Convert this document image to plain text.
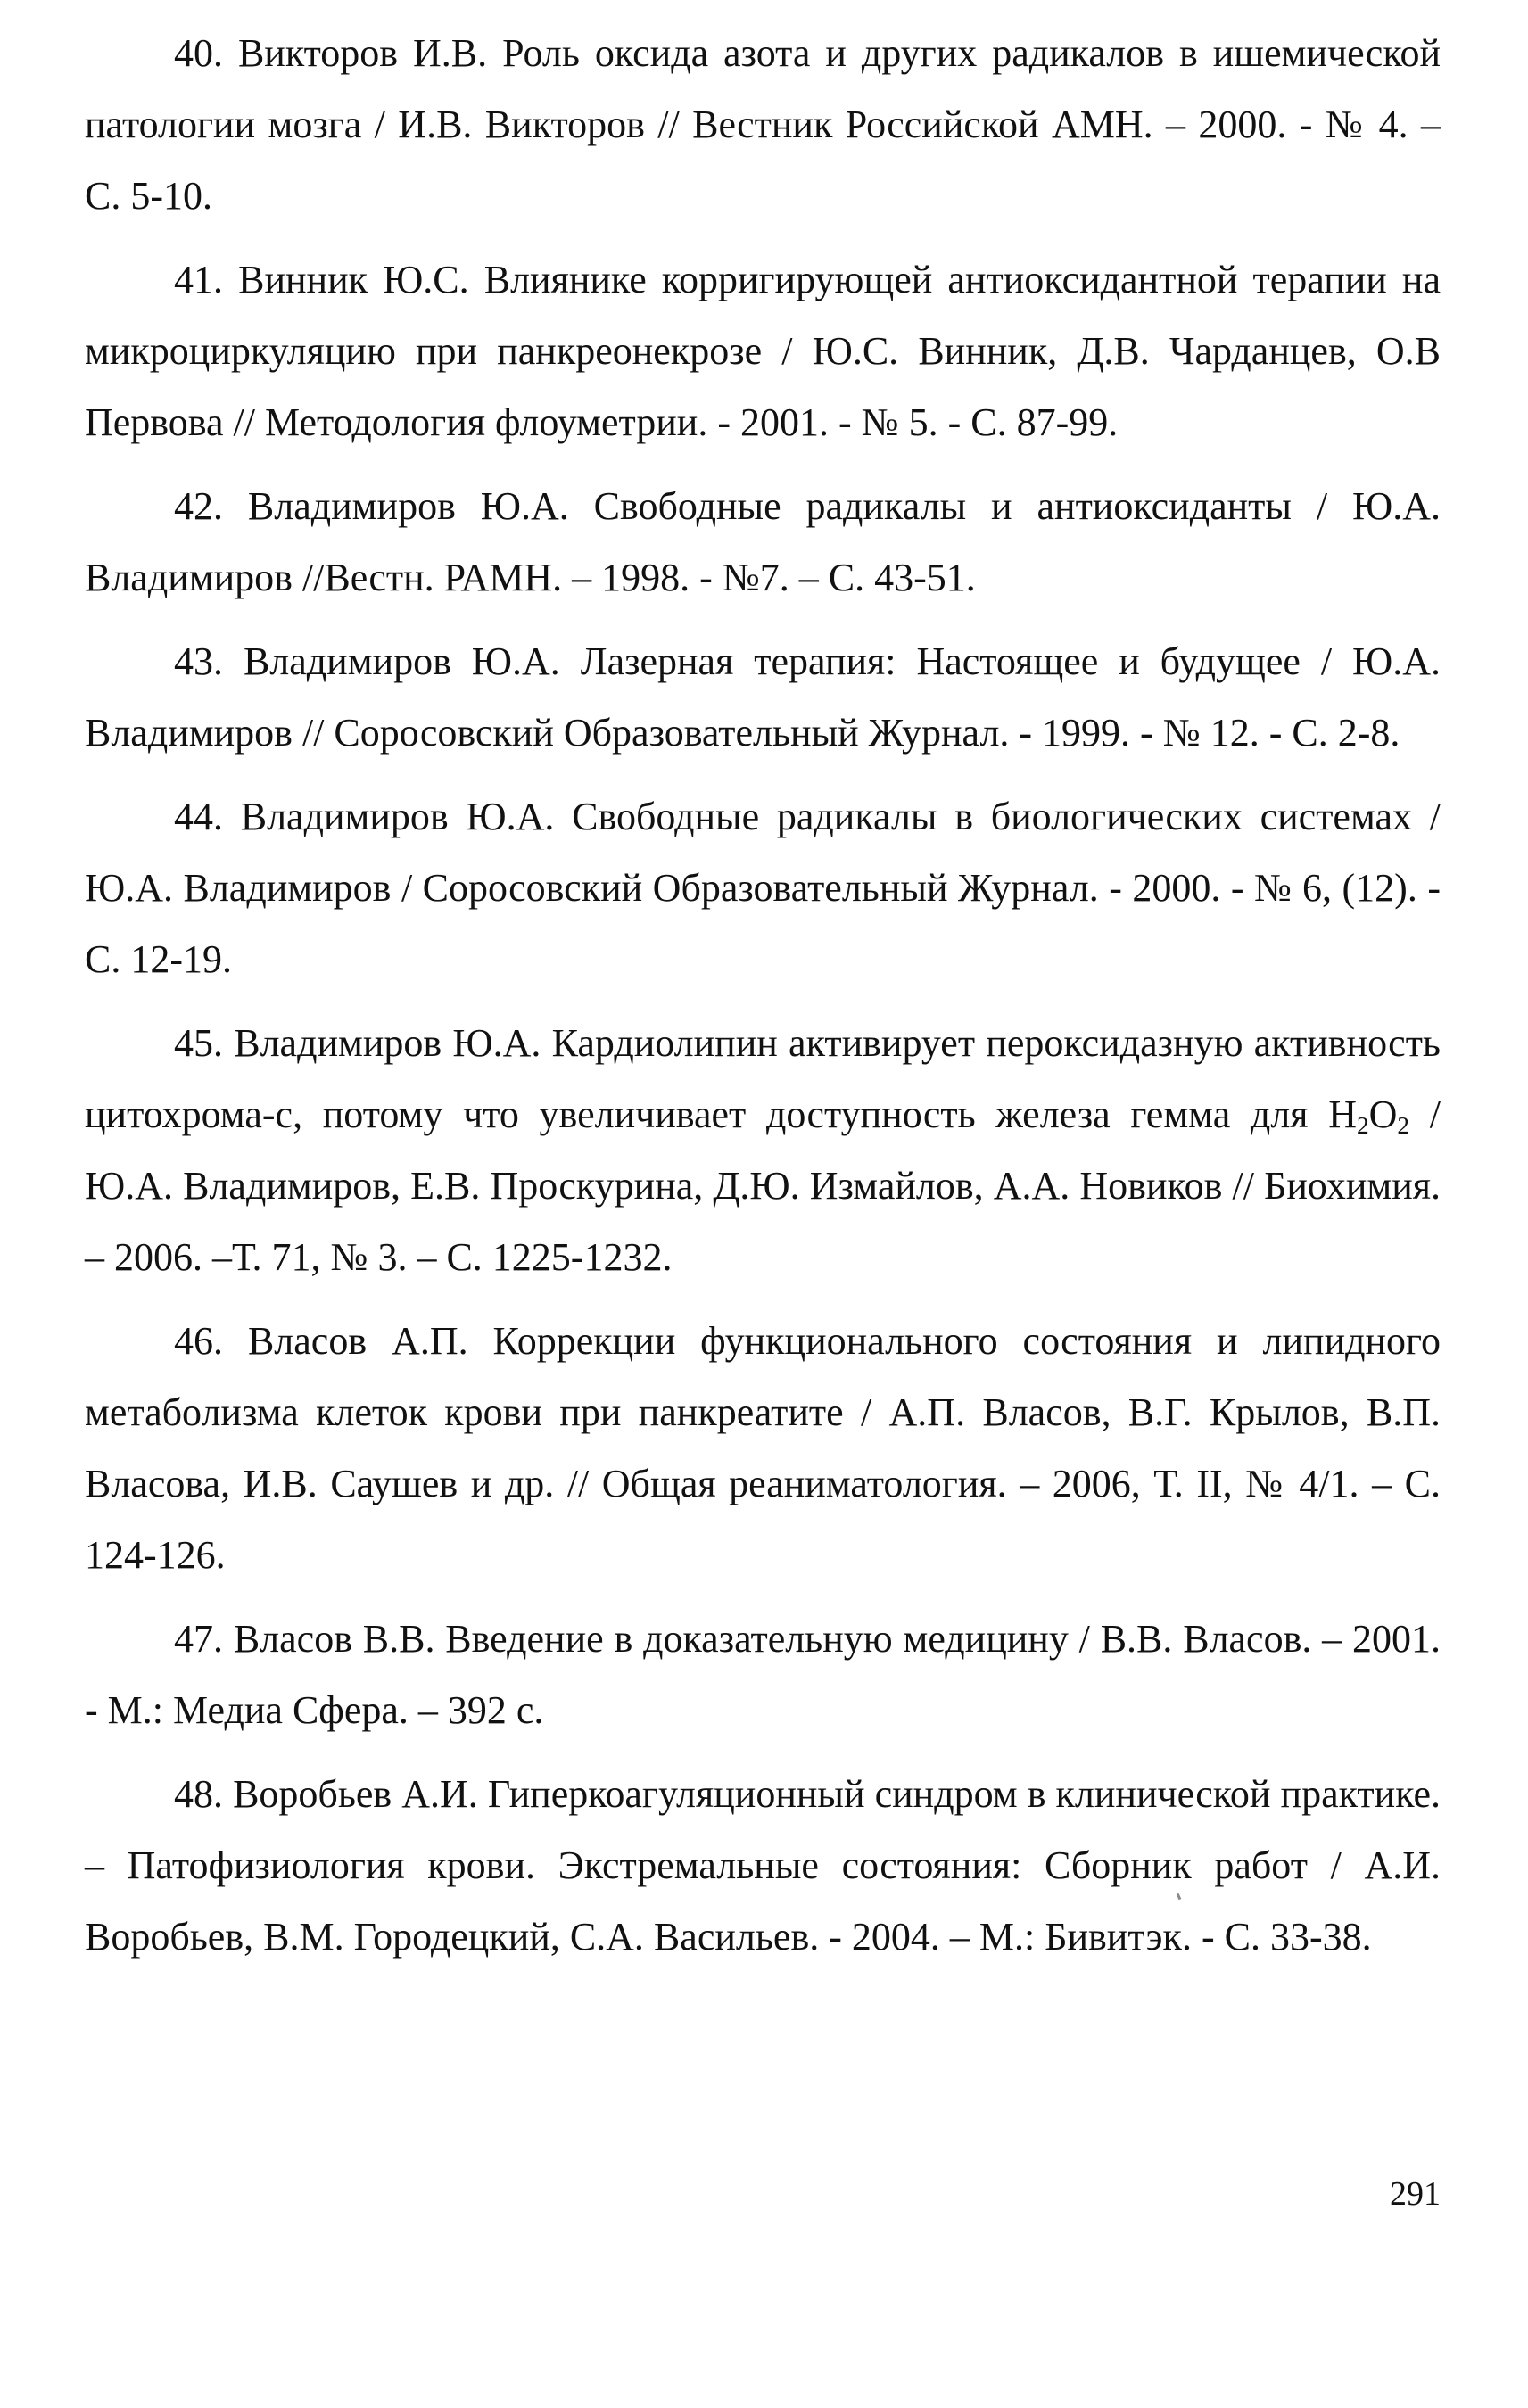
40. Викторов И.В. Роль оксида азота и других радикалов в ишемической патологии мозга / И.В. Викторов // Вестник Российской АМН. – 2000. - № 4. – С. 5-10.

41. Винник Ю.С. Влиянике корригирующей антиоксидантной терапии на микроциркуляцию при панкреонекрозе / Ю.С. Винник, Д.В. Чарданцев, О.В Первова // Методология флоуметрии. - 2001. - № 5. - С. 87-99.

42. Владимиров Ю.А. Свободные радикалы и антиоксиданты / Ю.А. Владимиров //Вестн. РАМН. – 1998. - №7. – С. 43-51.

43. Владимиров Ю.А. Лазерная терапия: Настоящее и будущее / Ю.А. Владимиров // Соросовский Образовательный Журнал. - 1999. - № 12. - С. 2-8.

44. Владимиров Ю.А. Свободные радикалы в биологических системах / Ю.А. Владимиров / Соросовский Образовательный Журнал. - 2000. - № 6, (12). - С. 12-19.

45. Владимиров Ю.А. Кардиолипин активирует пероксидазную активность цитохрома-с, потому что увеличивает доступность железа гемма для $H_2O_2 / Ю.А$. Владимиров, Е.В. Проскурина, Д.Ю. Измайлов, А.А. Новиков // Биохимия. – 2006. –Т. 71, № 3. – С. 1225-1232.

46. Власов А.П. Коррекции функционального состояния и липидного метаболизма клеток крови при панкреатите / А.П. Власов, В.Г. Крылов, В.П. Власова, И.В. Саушев и др. // Общая реаниматология. – 2006, Т. II, № 4/1. – С. 124-126.

47. Власов В.В. Введение в доказательную медицину / В.В. Власов. – 2001. - М.: Медиа Сфера. – 392 с.

48. Воробьев А.И. Гиперкоагуляционный синдром в клинической практике. – Патофизиология крови. Экстремальные состояния: Сборник работ / А.И. Воробьев, В.М. Городецкий, С.А. Васильев. - 2004. – М.: Бивитэк. - С. 33-38.

291
